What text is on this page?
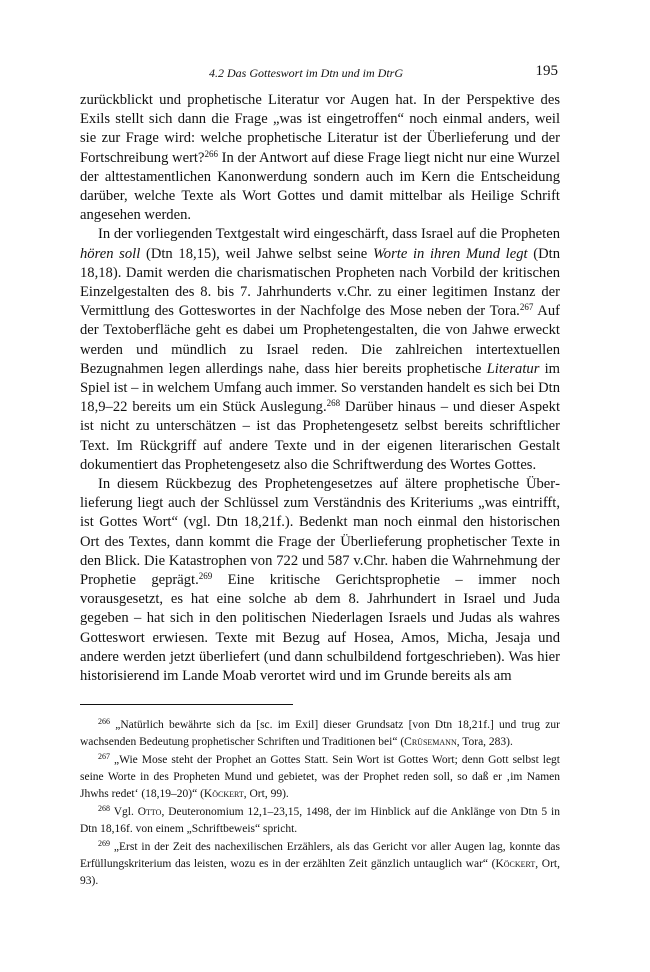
4.2 Das Gotteswort im Dtn und im DtrG	195

zurückblickt und prophetische Literatur vor Augen hat. In der Perspektive des Exils stellt sich dann die Frage „was ist eingetroffen“ noch einmal anders, weil sie zur Frage wird: welche prophetische Literatur ist der Überlieferung und der Fortschreibung wert?$^{266}$ In der Antwort auf diese Frage liegt nicht nur eine Wurzel der alttestamentlichen Kanonwerdung sondern auch im Kern die Entscheidung darüber, welche Texte als Wort Gottes und damit mittelbar als Heilige Schrift angesehen werden.

In der vorliegenden Textgestalt wird eingeschärft, dass Israel auf die Propheten hören soll (Dtn 18,15), weil Jahwe selbst seine Worte in ihren Mund legt (Dtn 18,18). Damit werden die charismatischen Propheten nach Vorbild der kritischen Einzelgestalten des 8. bis 7. Jahrhunderts v.Chr. zu einer legitimen Instanz der Vermittlung des Gotteswortes in der Nachfolge des Mose neben der Tora.$^{267}$ Auf der Textoberfläche geht es dabei um Prophetengestalten, die von Jahwe erweckt werden und mündlich zu Israel reden. Die zahlreichen intertextuellen Bezugnahmen legen allerdings nahe, dass hier bereits prophetische Literatur im Spiel ist – in welchem Umfang auch immer. So verstanden handelt es sich bei Dtn 18,9–22 bereits um ein Stück Auslegung.$^{268}$ Darüber hinaus – und dieser Aspekt ist nicht zu unterschätzen – ist das Prophetengesetz selbst bereits schriftlicher Text. Im Rückgriff auf andere Texte und in der eigenen literarischen Gestalt dokumentiert das Prophetengesetz also die Schriftwerdung des Wortes Gottes.

In diesem Rückbezug des Prophetengesetzes auf ältere prophetische Überlieferung liegt auch der Schlüssel zum Verständnis des Kriteriums „was eintrifft, ist Gottes Wort“ (vgl. Dtn 18,21f.). Bedenkt man noch einmal den historischen Ort des Textes, dann kommt die Frage der Überlieferung prophetischer Texte in den Blick. Die Katastrophen von 722 und 587 v.Chr. haben die Wahrnehmung der Prophetie geprägt.$^{269}$ Eine kritische Gerichtsprophetie – immer noch vorausgesetzt, es hat eine solche ab dem 8. Jahrhundert in Israel und Juda gegeben – hat sich in den politischen Niederlagen Israels und Judas als wahres Gotteswort erwiesen. Texte mit Bezug auf Hosea, Amos, Micha, Jesaja und andere werden jetzt überliefert (und dann schulbildend fortgeschrieben). Was hier historisierend im Lande Moab verortet wird und im Grunde bereits als am

$^{266}$ „Natürlich bewährte sich da [sc. im Exil] dieser Grundsatz [von Dtn 18,21f.] und trug zur wachsenden Bedeutung prophetischer Schriften und Traditionen bei“ (Crüsemann, Tora, 283).

$^{267}$ „Wie Mose steht der Prophet an Gottes Statt. Sein Wort ist Gottes Wort; denn Gott selbst legt seine Worte in des Propheten Mund und gebietet, was der Prophet reden soll, so daß er ‚im Namen Jhwhs redet‘ (18,19–20)“ (Köckert, Ort, 99).

$^{268}$ Vgl. Otto, Deuteronomium 12,1–23,15, 1498, der im Hinblick auf die Anklänge von Dtn 5 in Dtn 18,16f. von einem „Schriftbeweis“ spricht.

$^{269}$ „Erst in der Zeit des nachexilischen Erzählers, als das Gericht vor aller Augen lag, konnte das Erfüllungskriterium das leisten, wozu es in der erzählten Zeit gänzlich untauglich war“ (Köckert, Ort, 93).
